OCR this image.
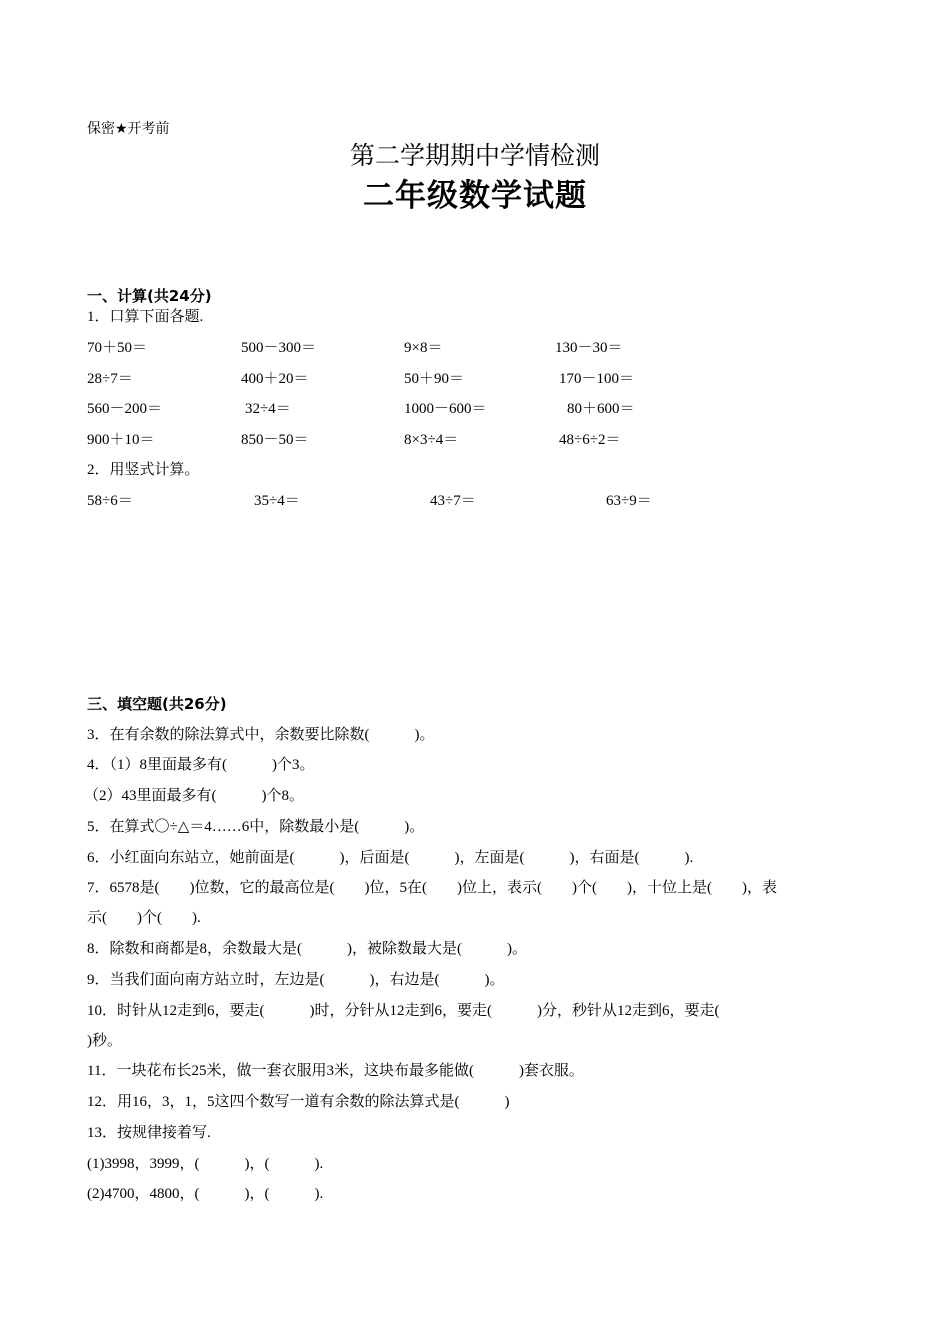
保密★开考前
第二学期期中学情检测
二年级数学试题
一、计算(共24分)
1．口算下面各题.
70＋50＝	500－300＝	9×8＝	130－30＝
28÷7＝	400＋20＝	50＋90＝	170－100＝
560－200＝	32÷4＝	1000－600＝	80＋600＝
900＋10＝	850－50＝	8×3÷4＝	48÷6÷2＝
2．用竖式计算。
58÷6＝	35÷4＝	43÷7＝	63÷9＝
三、填空题(共26分)
3．在有余数的除法算式中，余数要比除数(　　　)。
4．（1）8里面最多有(　　　)个3。
（2）43里面最多有(　　　)个8。
5．在算式〇÷△＝4……6中，除数最小是(　　　)。
6．小红面向东站立，她前面是(　　　)，后面是(　　　)，左面是(　　　)，右面是(　　　).
7．6578是(　　)位数，它的最高位是(　　)位，5在(　　)位上，表示(　　)个(　　)，十位上是(　　)，表
示(　　)个(　　).
8．除数和商都是8，余数最大是(　　　)，被除数最大是(　　　)。
9．当我们面向南方站立时，左边是(　　　)，右边是(　　　)。
10．时针从12走到6，要走(　　　)时，分针从12走到6，要走(　　　)分，秒针从12走到6，要走(
)秒。
11．一块花布长25米，做一套衣服用3米，这块布最多能做(　　　)套衣服。
12．用16，3，1，5这四个数写一道有余数的除法算式是(　　　)
13．按规律接着写.
(1)3998，3999，(　　　)，(　　　).
(2)4700，4800，(　　　)，(　　　).
